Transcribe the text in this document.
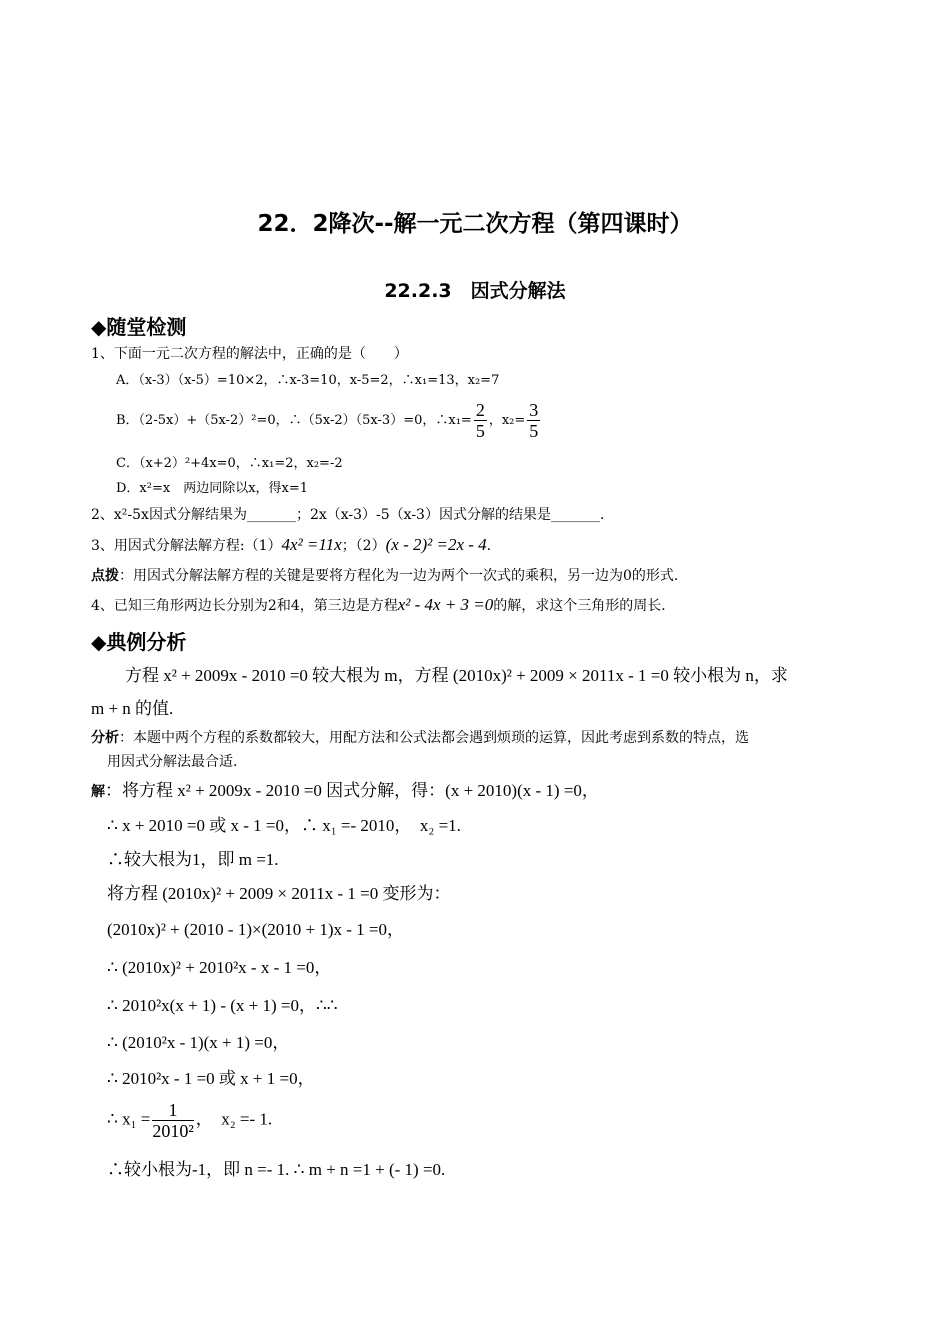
22．2降次--解一元二次方程（第四课时）
22.2.3　因式分解法
◆随堂检测
1、下面一元二次方程的解法中，正确的是（　　）
A．（x-3）（x-5）=10×2，∴x-3=10，x-5=2，∴x₁=13，x₂=7
B．（2-5x）+（5x-2）²=0，∴（5x-2）（5x-3）=0，∴x₁= $\frac{2}{5}$ ，$x_2= \frac{3}{5}$
C．（x+2）²+4x=0，∴x₁=2，x₂=-2
D．x²=x　两边同除以x，得x=1
2、x²-5x因式分解结果为_______；2x（x-3）-5（x-3）因式分解的结果是_______．
3、用因式分解法解方程:（1）4x² =11x；（2）(x - 2)² =2x - 4.
点拨：用因式分解法解方程的关键是要将方程化为一边为两个一次式的乘积，另一边为0的形式．
4、已知三角形两边长分别为2和4，第三边是方程x² - 4x + 3 =0的解，求这个三角形的周长．
◆典例分析
方程 x² + 2009x - 2010 =0 较大根为 m，方程 (2010x)² + 2009 × 2011x - 1 =0 较小根为 n，求
m + n 的值.
分析：本题中两个方程的系数都较大，用配方法和公式法都会遇到烦琐的运算，因此考虑到系数的特点，选
用因式分解法最合适．
解：将方程 x² + 2009x - 2010 =0 因式分解，得：(x + 2010)(x - 1) =0，
∴ x + 2010 =0 或 x - 1 =0，∴ x₁ =- 2010，　x₂ =1.
∴较大根为1，即 m =1.
将方程 (2010x)² + 2009 × 2011x - 1 =0 变形为：
(2010x)² + (2010 - 1)×(2010 + 1)x - 1 =0，
∴ (2010x)² + 2010²x - x - 1 =0，
∴ 2010²x(x + 1) - (x + 1) =0，∴∴
∴ (2010²x - 1)(x + 1) =0，
∴ 2010²x - 1 =0 或 x + 1 =0，
∴ $x_1 = \frac{1}{\text{2010²}}$ ，　x₂ =- 1.
∴较小根为-1，即 n =- 1. ∴ m + n =1 + (- 1) =0.
